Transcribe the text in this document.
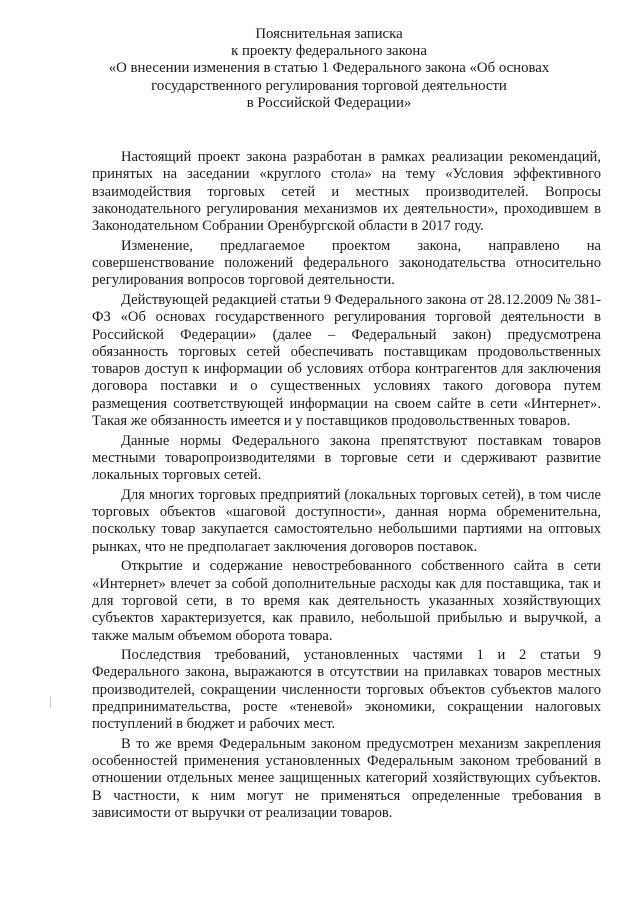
Пояснительная записка
к проекту федерального закона
«О внесении изменения в статью 1 Федерального закона «Об основах
государственного регулирования торговой деятельности
в Российской Федерации»

Настоящий проект закона разработан в рамках реализации рекомендаций, принятых на заседании «круглого стола» на тему «Условия эффективного взаимодействия торговых сетей и местных производителей. Вопросы законодательного регулирования механизмов их деятельности», проходившем в Законодательном Собрании Оренбургской области в 2017 году.

Изменение, предлагаемое проектом закона, направлено на совершенствование положений федерального законодательства относительно регулирования вопросов торговой деятельности.

Действующей редакцией статьи 9 Федерального закона от 28.12.2009 № 381-ФЗ «Об основах государственного регулирования торговой деятельности в Российской Федерации» (далее – Федеральный закон) предусмотрена обязанность торговых сетей обеспечивать поставщикам продовольственных товаров доступ к информации об условиях отбора контрагентов для заключения договора поставки и о существенных условиях такого договора путем размещения соответствующей информации на своем сайте в сети «Интернет». Такая же обязанность имеется и у поставщиков продовольственных товаров.

Данные нормы Федерального закона препятствуют поставкам товаров местными товаропроизводителями в торговые сети и сдерживают развитие локальных торговых сетей.

Для многих торговых предприятий (локальных торговых сетей), в том числе торговых объектов «шаговой доступности», данная норма обременительна, поскольку товар закупается самостоятельно небольшими партиями на оптовых рынках, что не предполагает заключения договоров поставок.

Открытие и содержание невостребованного собственного сайта в сети «Интернет» влечет за собой дополнительные расходы как для поставщика, так и для торговой сети, в то время как деятельность указанных хозяйствующих субъектов характеризуется, как правило, небольшой прибылью и выручкой, а также малым объемом оборота товара.

Последствия требований, установленных частями 1 и 2 статьи 9 Федерального закона, выражаются в отсутствии на прилавках товаров местных производителей, сокращении численности торговых объектов субъектов малого предпринимательства, росте «теневой» экономики, сокращении налоговых поступлений в бюджет и рабочих мест.

В то же время Федеральным законом предусмотрен механизм закрепления особенностей применения установленных Федеральным законом требований в отношении отдельных менее защищенных категорий хозяйствующих субъектов. В частности, к ним могут не применяться определенные требования в зависимости от выручки от реализации товаров.
